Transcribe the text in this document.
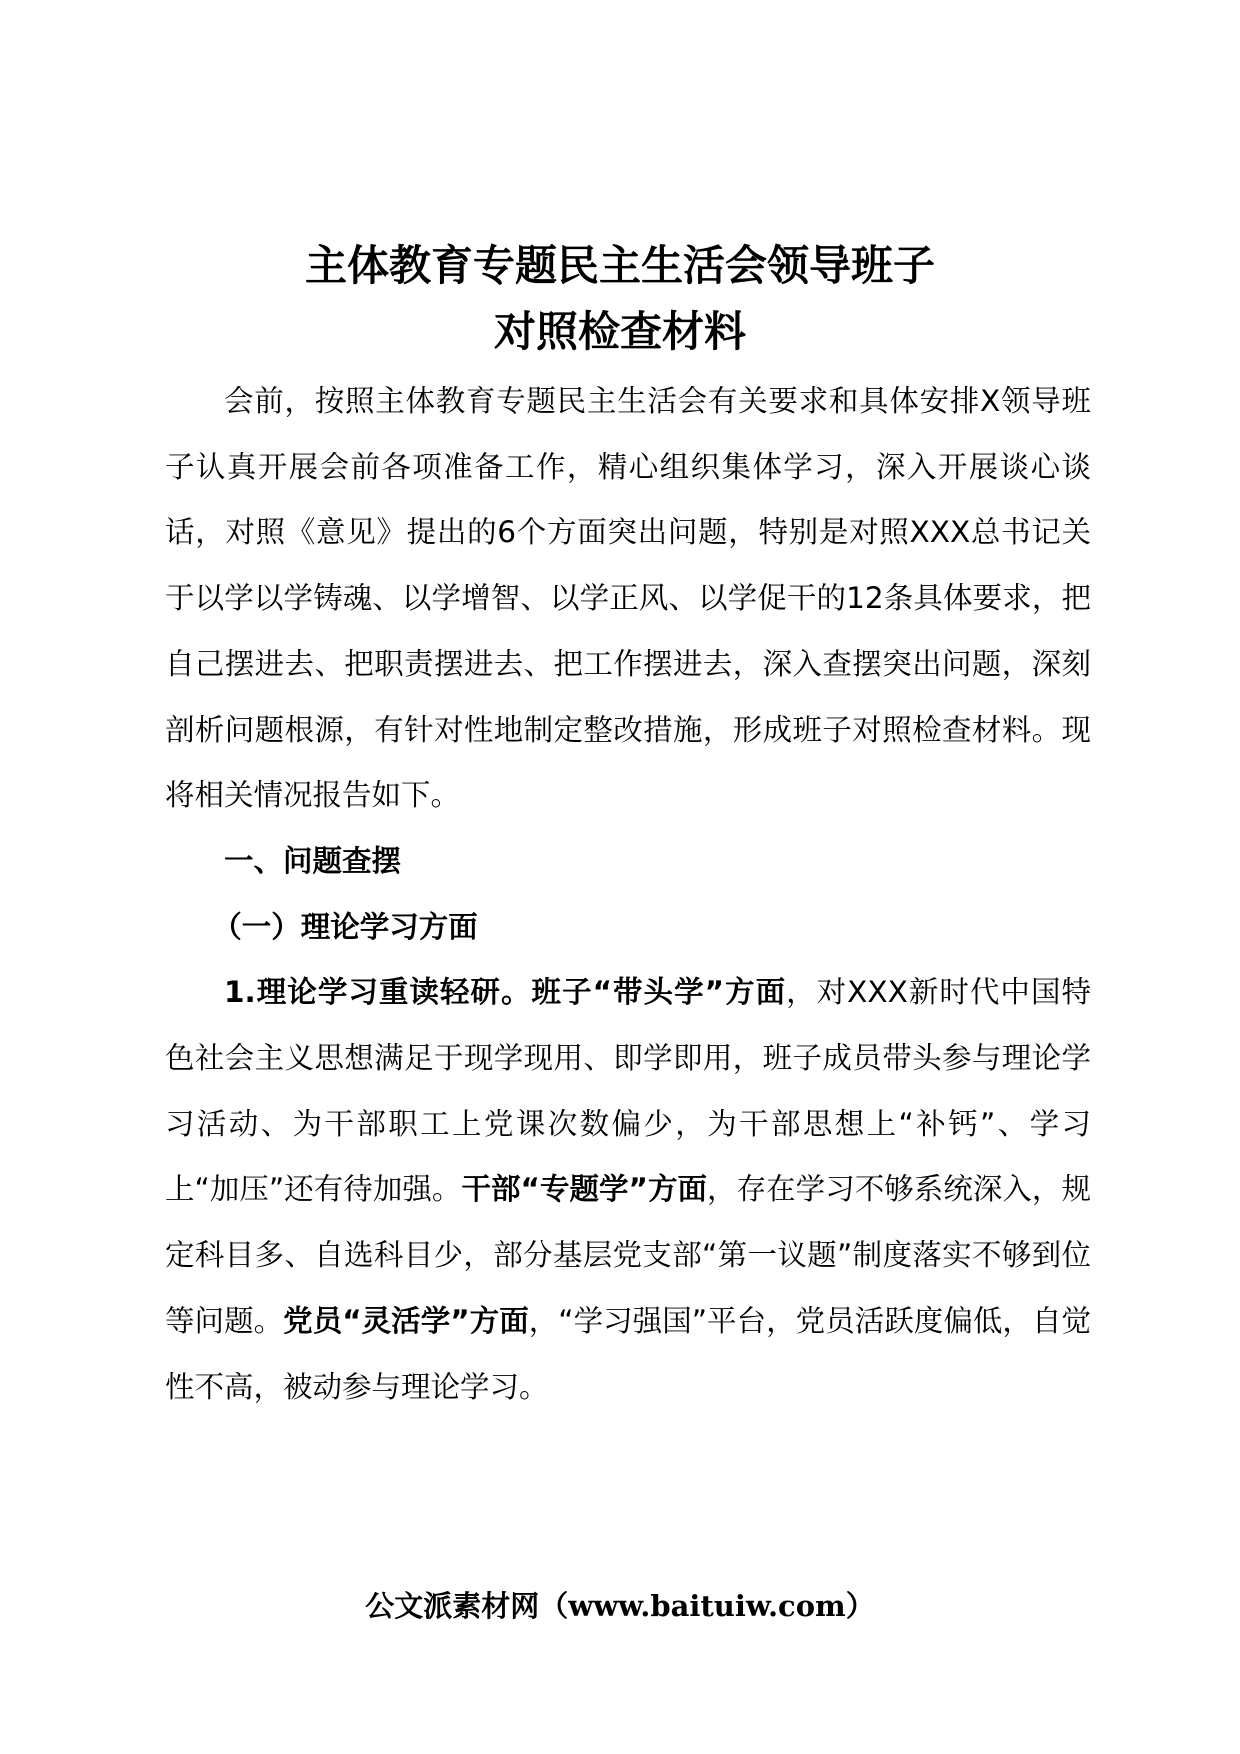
主体教育专题民主生活会领导班子
对照检查材料

会前，按照主体教育专题民主生活会有关要求和具体安排X领导班子认真开展会前各项准备工作，精心组织集体学习，深入开展谈心谈话，对照《意见》提出的6个方面突出问题，特别是对照XXX总书记关于以学以学铸魂、以学增智、以学正风、以学促干的12条具体要求，把自己摆进去、把职责摆进去、把工作摆进去，深入查摆突出问题，深刻剖析问题根源，有针对性地制定整改措施，形成班子对照检查材料。现将相关情况报告如下。

一、问题查摆

（一）理论学习方面

1.理论学习重读轻研。班子“带头学”方面，对XXX新时代中国特色社会主义思想满足于现学现用、即学即用，班子成员带头参与理论学习活动、为干部职工上党课次数偏少，为干部思想上“补钙”、学习上“加压”还有待加强。干部“专题学”方面，存在学习不够系统深入，规定科目多、自选科目少，部分基层党支部“第一议题”制度落实不够到位等问题。党员“灵活学”方面，“学习强国”平台，党员活跃度偏低，自觉性不高，被动参与理论学习。

公文派素材网（www.baituiw.com）
